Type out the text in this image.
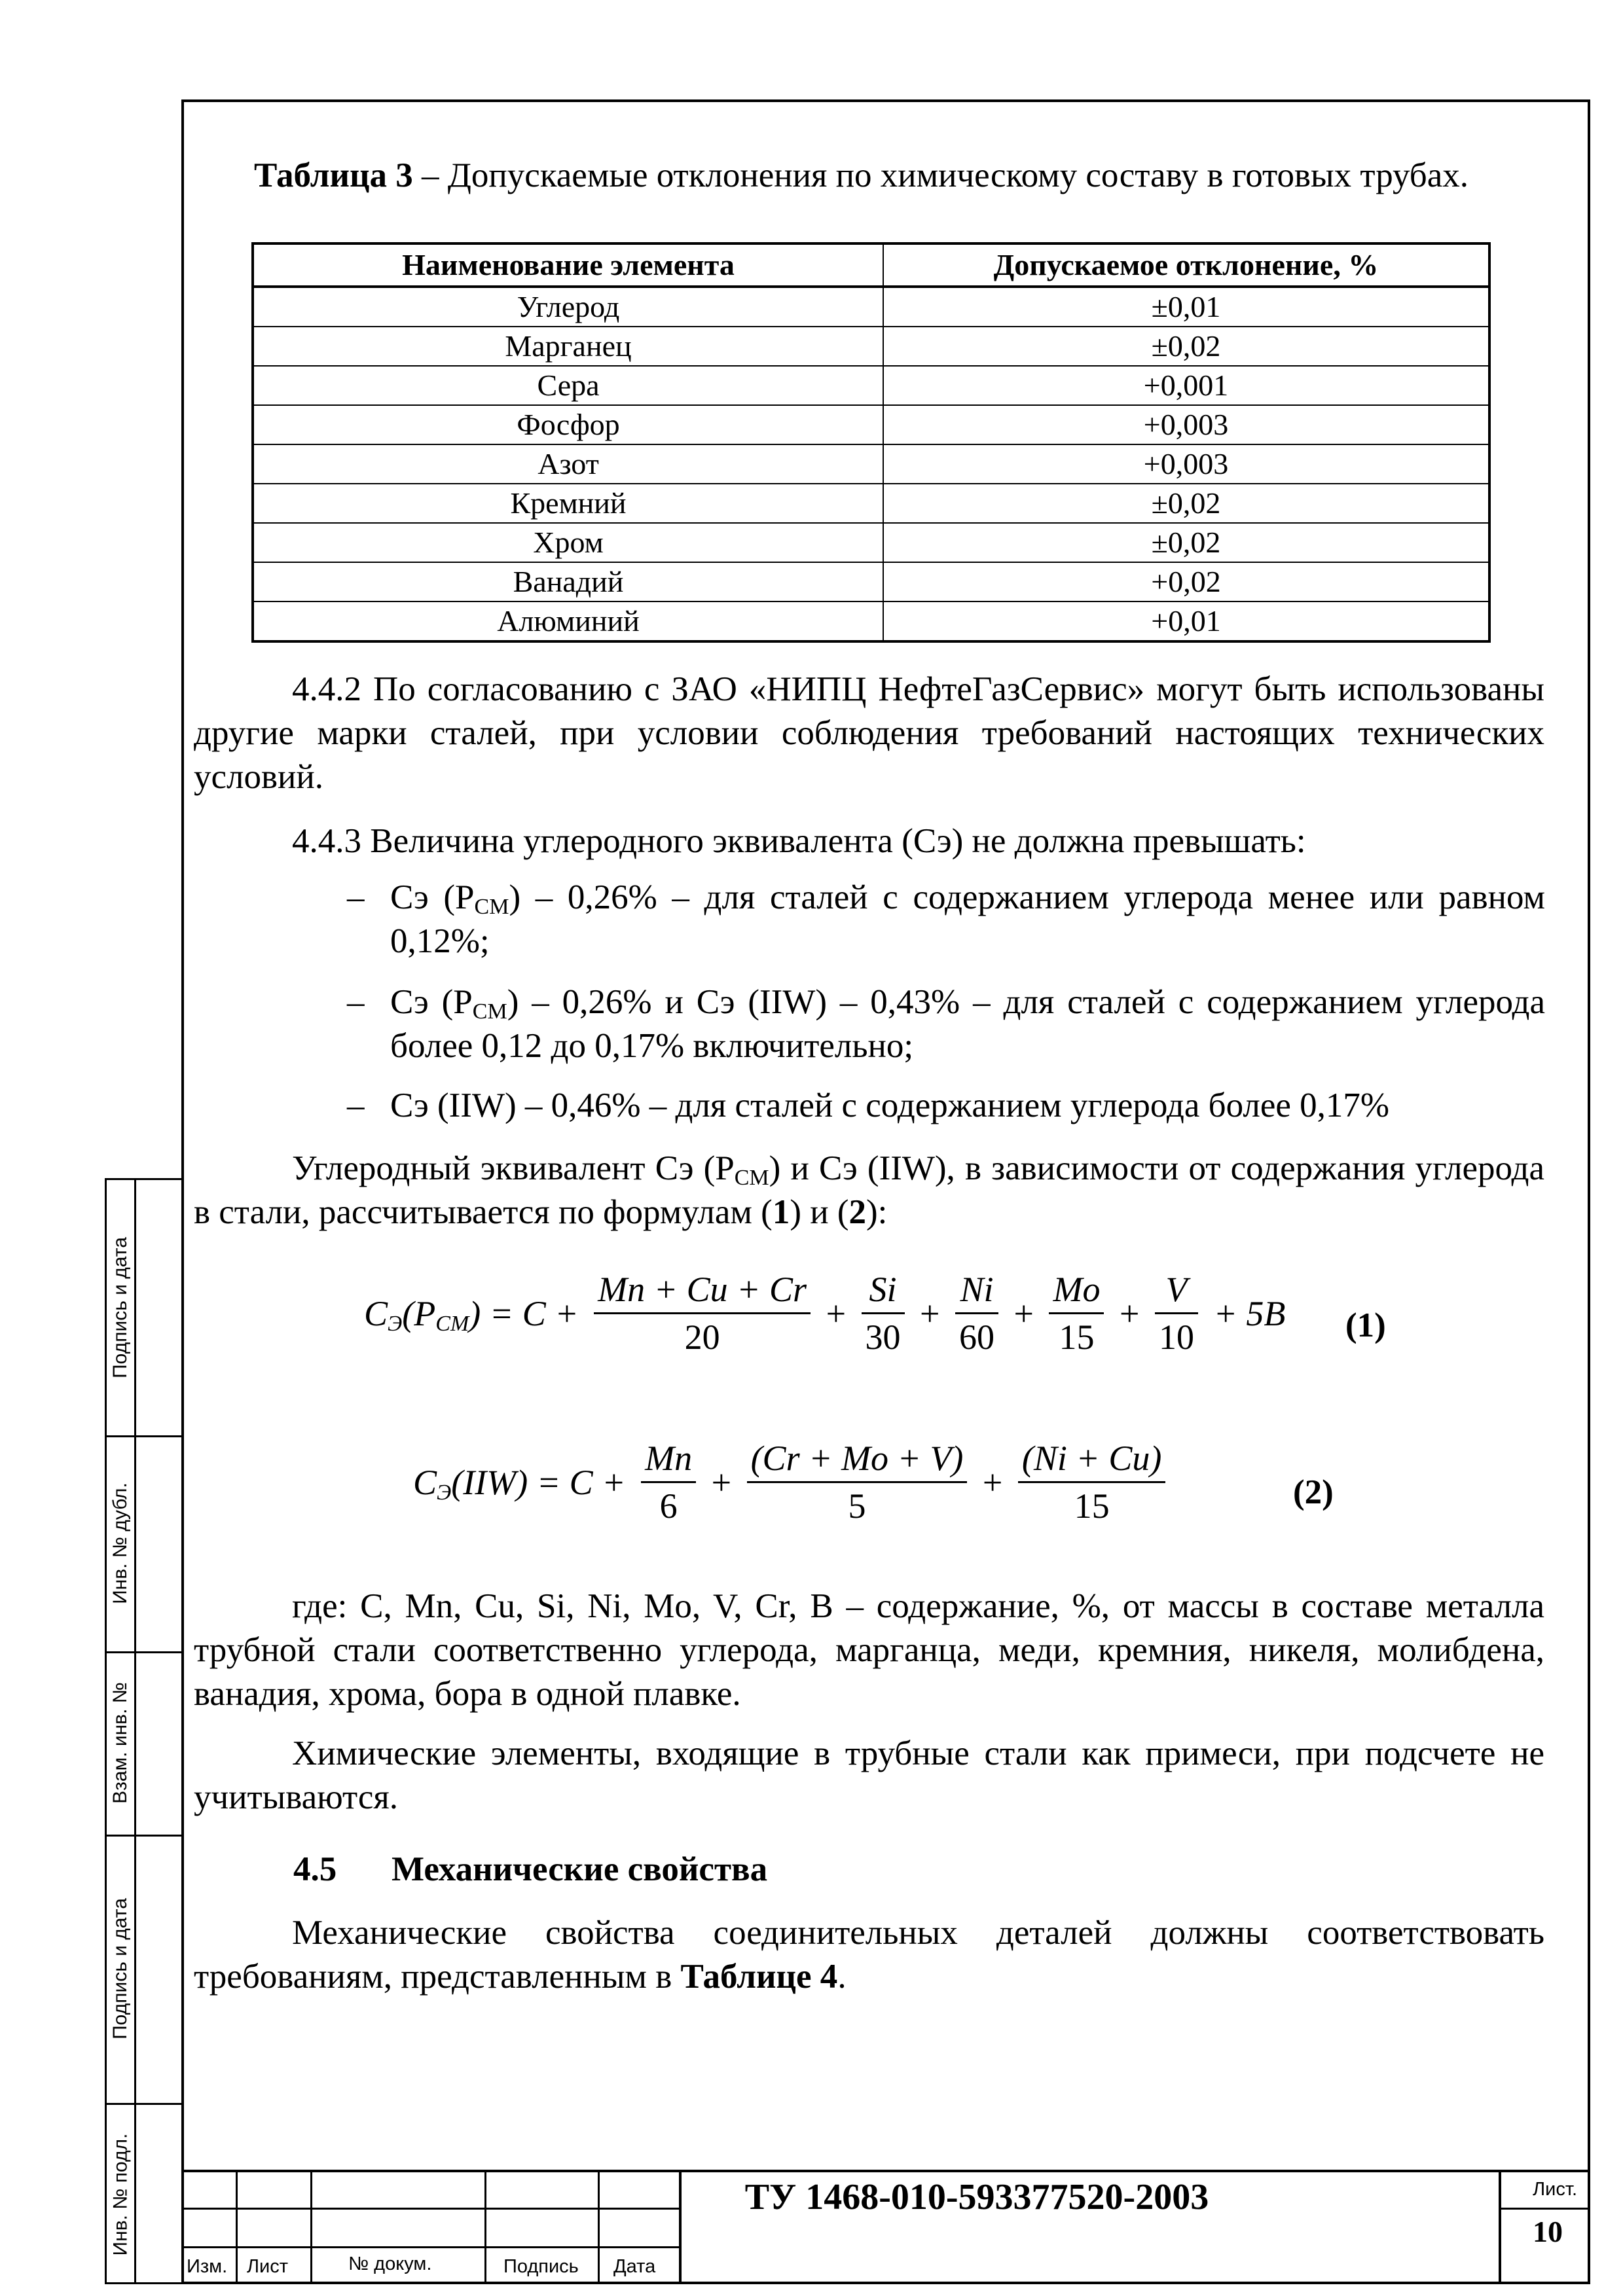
Подпись и дата
Инв. № дубл.
Взам. инв. №
Подпись и дата
Инв. № подл.
Таблица 3 – Допускаемые отклонения по химическому составу в готовых трубах.
Наименование элемента	Допускаемое отклонение, %
Углерод	±0,01
Марганец	±0,02
Сера	+0,001
Фосфор	+0,003
Азот	+0,003
Кремний	±0,02
Хром	±0,02
Ванадий	+0,02
Алюминий	+0,01
4.4.2 По согласованию с ЗАО «НИПЦ НефтеГазСервис» могут быть использованы другие марки сталей, при условии соблюдения требований настоящих технических условий.
4.4.3 Величина углеродного эквивалента (Сэ) не должна превышать:
– Сэ $(P_{CM}) - 0,26\%$ – для сталей с содержанием углерода менее или равном 0,12%;
– Сэ $(P_{CM}) - 0,26\%$ и Сэ (IIW) – 0,43% – для сталей с содержанием углерода более 0,12 до 0,17% включительно;
– Сэ (IIW) – 0,46% – для сталей с содержанием углерода более 0,17%
Углеродный эквивалент Сэ $(P_{CM})$ и Сэ (IIW), в зависимости от содержания углерода в стали, рассчитывается по формулам (1) и (2):
$C_Э(P_{CM}) = C + \frac{Mn + Cu + Cr}{20} + \frac{Si}{30} + \frac{Ni}{60} + \frac{Mo}{15} + \frac{V}{10} + 5B$ (1)
$C_Э(IIW) = C + \frac{Mn}{6} + \frac{(Cr + Mo + V)}{5} + \frac{(Ni + Cu)}{15}$	(2)
где: C, Mn, Cu, Si, Ni, Mo, V, Cr, B – содержание, %, от массы в составе металла трубной стали соответственно углерода, марганца, меди, кремния, никеля, молибдена, ванадия, хрома, бора в одной плавке.
Химические элементы, входящие в трубные стали как примеси, при подсчете не учитываются.
4.5 Механические свойства
Механические свойства соединительных деталей должны соответствовать требованиям, представленным в Таблице 4.
ТУ 1468-010-593377520-2003	Лист.
10
Изм. Лист	№ докум.	Подпись Дата
